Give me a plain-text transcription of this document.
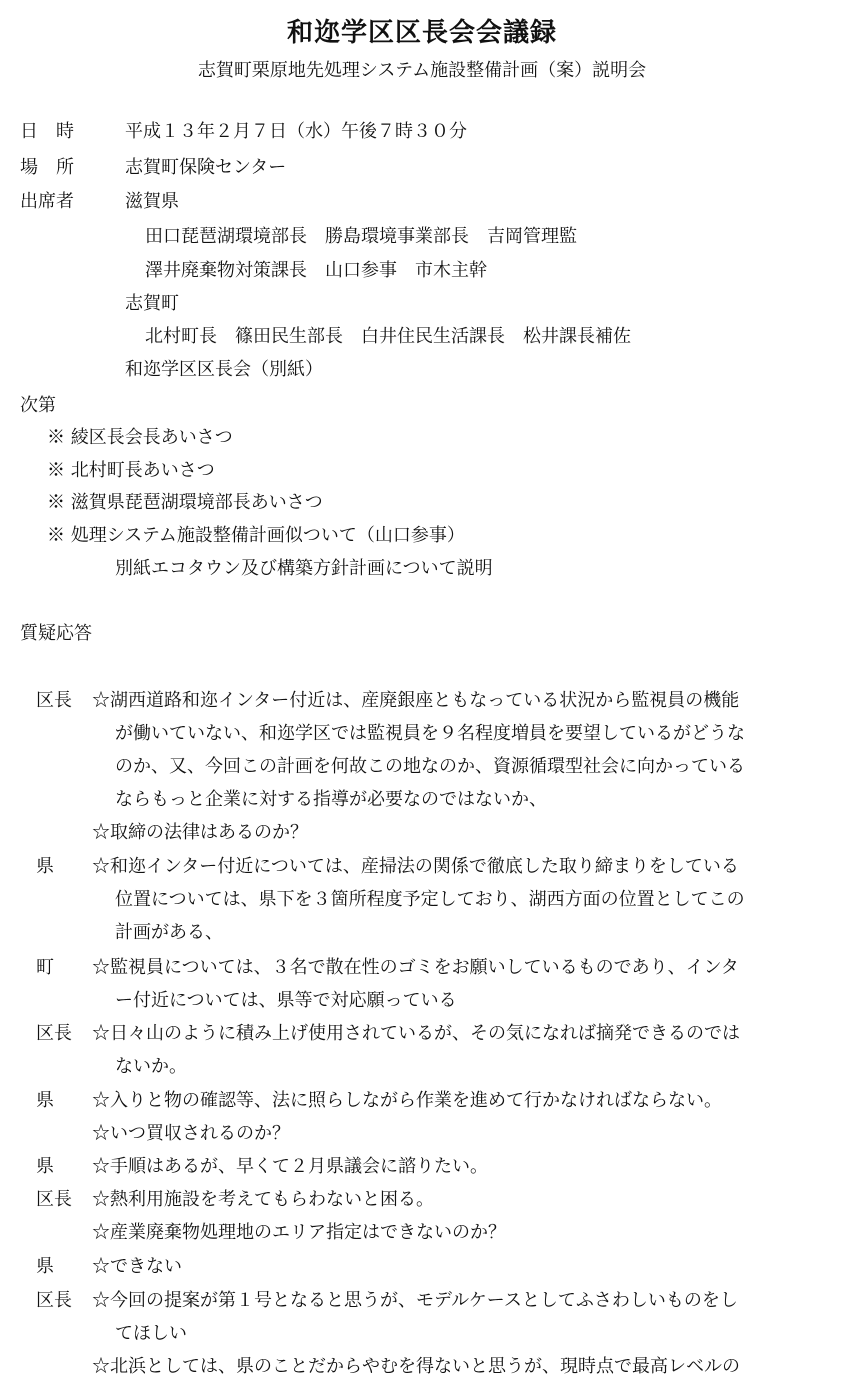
和迩学区区長会会議録
志賀町栗原地先処理システム施設整備計画（案）説明会
日　時	平成１３年２月７日（水）午後７時３０分
場　所	志賀町保険センター
出席者	滋賀県
田口琵琶湖環境部長　勝島環境事業部長　吉岡管理監
澤井廃棄物対策課長　山口参事　市木主幹
志賀町
北村町長　篠田民生部長　白井住民生活課長　松井課長補佐
和迩学区区長会（別紙）
次第
※ 綾区長会長あいさつ
※ 北村町長あいさつ
※ 滋賀県琵琶湖環境部長あいさつ
※ 処理システム施設整備計画似ついて（山口参事）
別紙エコタウン及び構築方針計画について説明
質疑応答
区長 ☆湖西道路和迩インター付近は、産廃銀座ともなっている状況から監視員の機能
が働いていない、和迩学区では監視員を９名程度増員を要望しているがどうな
のか、又、今回この計画を何故この地なのか、資源循環型社会に向かっている
ならもっと企業に対する指導が必要なのではないか、
☆取締の法律はあるのか？
県 ☆和迩インター付近については、産掃法の関係で徹底した取り締まりをしている
位置については、県下を３箇所程度予定しており、湖西方面の位置としてこの
計画がある、
町 ☆監視員については、３名で散在性のゴミをお願いしているものであり、インタ
ー付近については、県等で対応願っている
区長 ☆日々山のように積み上げ使用されているが、その気になれば摘発できるのでは
ないか。
県 ☆入りと物の確認等、法に照らしながら作業を進めて行かなければならない。
☆いつ買収されるのか？
県 ☆手順はあるが、早くて２月県議会に諮りたい。
区長 ☆熱利用施設を考えてもらわないと困る。
☆産業廃棄物処理地のエリア指定はできないのか？
県 ☆できない
区長 ☆今回の提案が第１号となると思うが、モデルケースとしてふさわしいものをし
てほしい
☆北浜としては、県のことだからやむを得ないと思うが、現時点で最高レベルの
